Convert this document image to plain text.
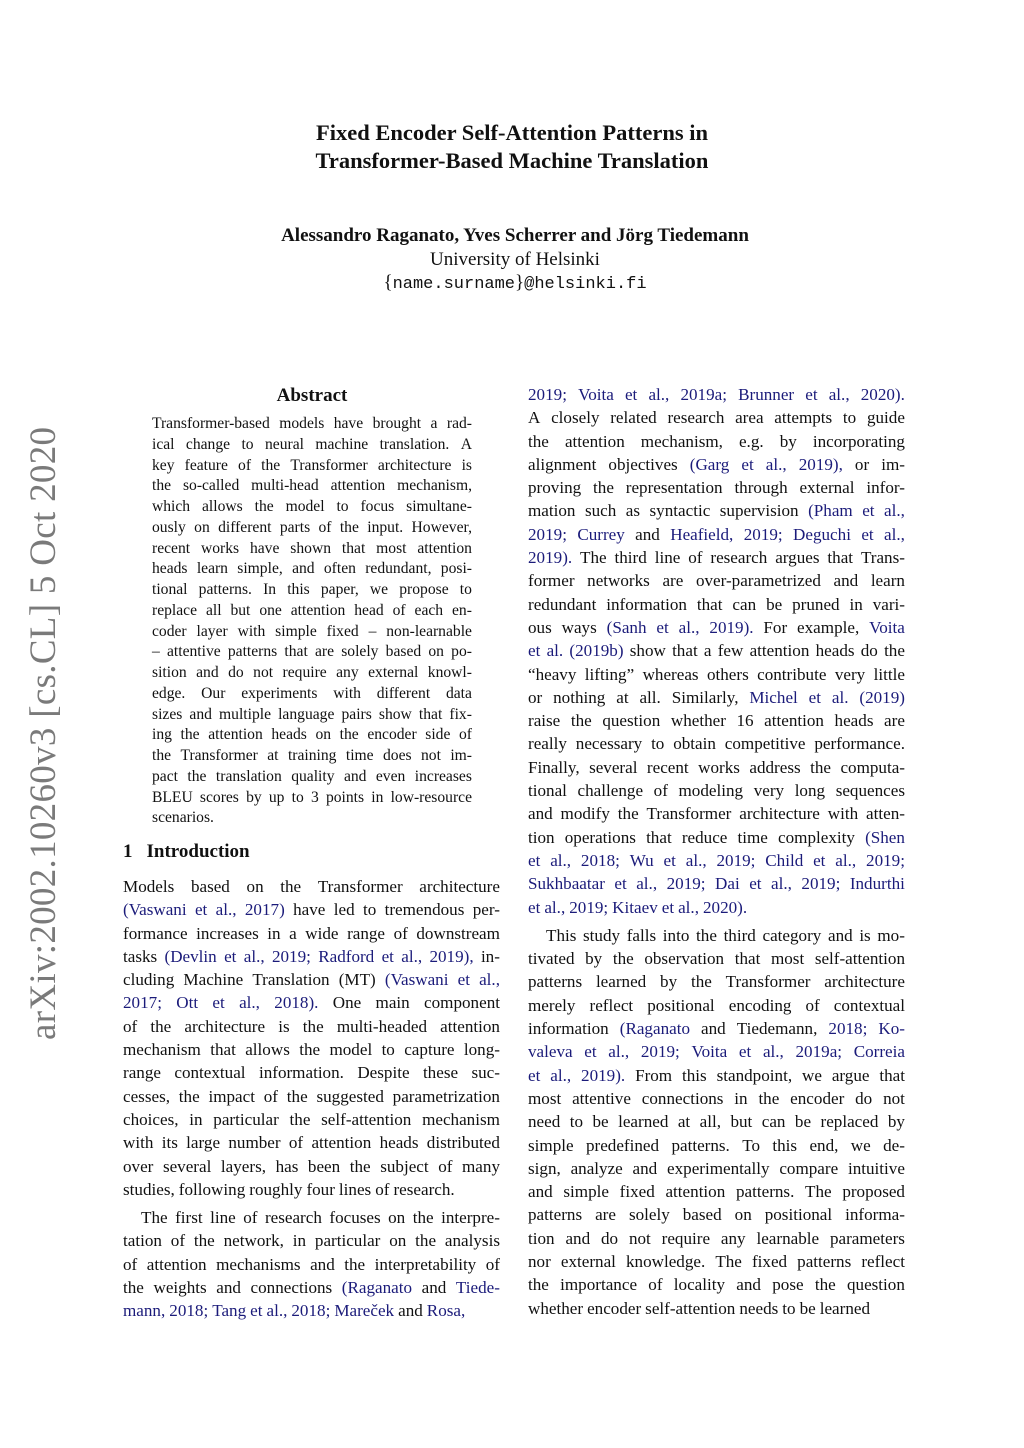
arXiv:2002.10260v3 [cs.CL] 5 Oct 2020
Fixed Encoder Self-Attention Patterns in
Transformer-Based Machine Translation
Alessandro Raganato, Yves Scherrer and Jörg Tiedemann
University of Helsinki
{name.surname}@helsinki.fi
Abstract
Transformer-based models have brought a rad-
ical change to neural machine translation. A
key feature of the Transformer architecture is
the so-called multi-head attention mechanism,
which allows the model to focus simultane-
ously on different parts of the input. However,
recent works have shown that most attention
heads learn simple, and often redundant, posi-
tional patterns. In this paper, we propose to
replace all but one attention head of each en-
coder layer with simple fixed – non-learnable
– attentive patterns that are solely based on po-
sition and do not require any external knowl-
edge. Our experiments with different data
sizes and multiple language pairs show that fix-
ing the attention heads on the encoder side of
the Transformer at training time does not im-
pact the translation quality and even increases
BLEU scores by up to 3 points in low-resource
scenarios.
1 Introduction
Models based on the Transformer architecture
(Vaswani et al., 2017) have led to tremendous per-
formance increases in a wide range of downstream
tasks (Devlin et al., 2019; Radford et al., 2019), in-
cluding Machine Translation (MT) (Vaswani et al.,
2017; Ott et al., 2018). One main component
of the architecture is the multi-headed attention
mechanism that allows the model to capture long-
range contextual information. Despite these suc-
cesses, the impact of the suggested parametrization
choices, in particular the self-attention mechanism
with its large number of attention heads distributed
over several layers, has been the subject of many
studies, following roughly four lines of research.
The first line of research focuses on the interpre-
tation of the network, in particular on the analysis
of attention mechanisms and the interpretability of
the weights and connections (Raganato and Tiede-
mann, 2018; Tang et al., 2018; Mareček and Rosa,
2019; Voita et al., 2019a; Brunner et al., 2020).
A closely related research area attempts to guide
the attention mechanism, e.g. by incorporating
alignment objectives (Garg et al., 2019), or im-
proving the representation through external infor-
mation such as syntactic supervision (Pham et al.,
2019; Currey and Heafield, 2019; Deguchi et al.,
2019). The third line of research argues that Trans-
former networks are over-parametrized and learn
redundant information that can be pruned in vari-
ous ways (Sanh et al., 2019). For example, Voita
et al. (2019b) show that a few attention heads do the
“heavy lifting” whereas others contribute very little
or nothing at all. Similarly, Michel et al. (2019)
raise the question whether 16 attention heads are
really necessary to obtain competitive performance.
Finally, several recent works address the computa-
tional challenge of modeling very long sequences
and modify the Transformer architecture with atten-
tion operations that reduce time complexity (Shen
et al., 2018; Wu et al., 2019; Child et al., 2019;
Sukhbaatar et al., 2019; Dai et al., 2019; Indurthi
et al., 2019; Kitaev et al., 2020).
This study falls into the third category and is mo-
tivated by the observation that most self-attention
patterns learned by the Transformer architecture
merely reflect positional encoding of contextual
information (Raganato and Tiedemann, 2018; Ko-
valeva et al., 2019; Voita et al., 2019a; Correia
et al., 2019). From this standpoint, we argue that
most attentive connections in the encoder do not
need to be learned at all, but can be replaced by
simple predefined patterns. To this end, we de-
sign, analyze and experimentally compare intuitive
and simple fixed attention patterns. The proposed
patterns are solely based on positional informa-
tion and do not require any learnable parameters
nor external knowledge. The fixed patterns reflect
the importance of locality and pose the question
whether encoder self-attention needs to be learned
